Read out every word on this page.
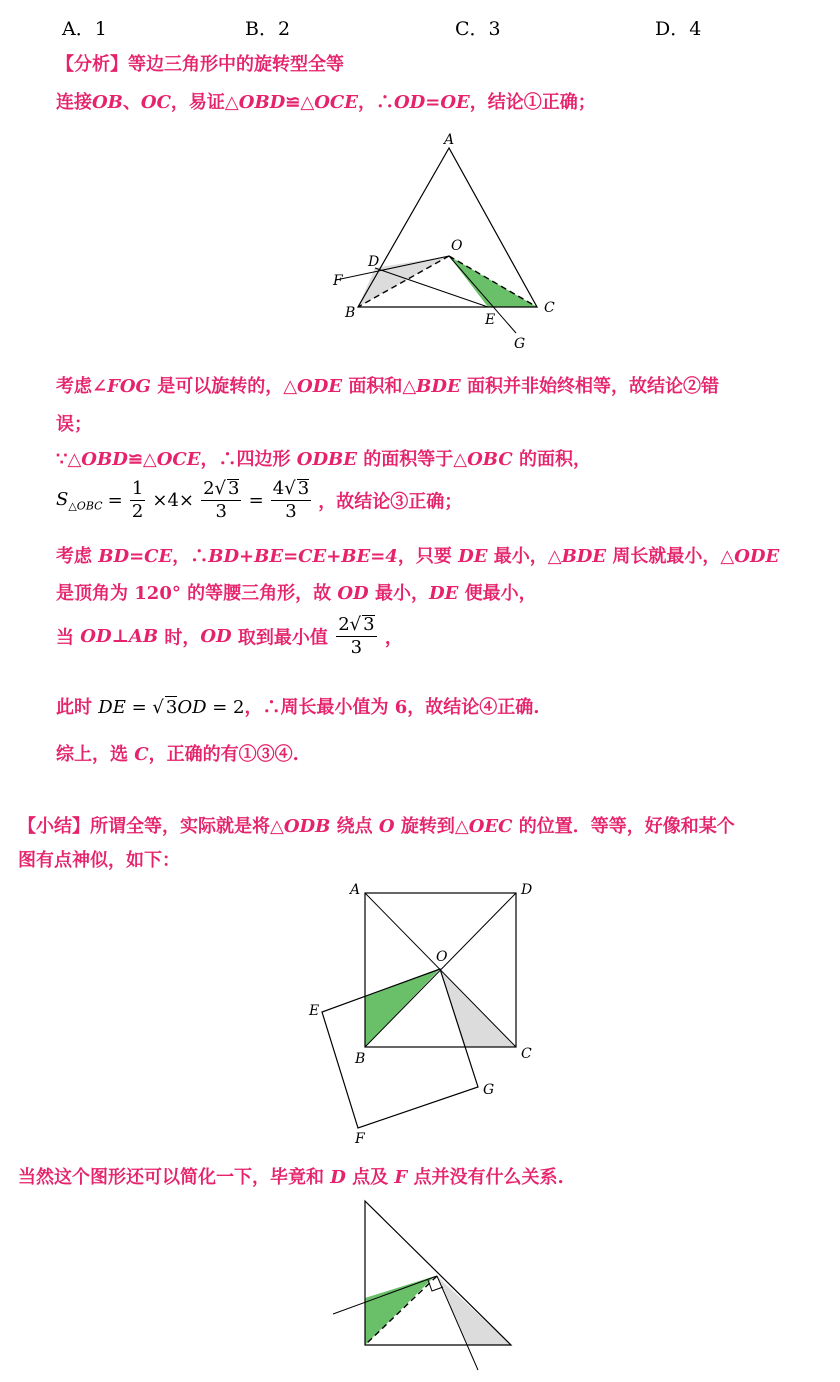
A．1	B．2	C．3	D．4
【分析】等边三角形中的旋转型全等
连接OB、OC，易证△OBD≌△OCE，∴OD=OE，结论①正确；
A
O
D
F
B	E
C
G
考虑∠FOG 是可以旋转的，△ODE 面积和△BDE 面积并非始终相等，故结论②错
误；
∵△OBD≌△OCE，∴四边形 ODBE 的面积等于△OBC 的面积，
$S_{\triangle OBC} = \frac{1}{2} \times 4\times \frac{2√ 3}{3} = \frac{4√ 3}{3}$ ，故结论③正确；
考虑 BD=CE，∴BD+BE=CE+BE=4，只要 DE 最小，△BDE 周长就最小，△ODE
是顶角为 120° 的等腰三角形，故 OD 最小，DE 便最小，
当 OD⊥AB 时，OD 取到最小值 $\frac{2√ 3}{3}$ ，
此时 DE = √ 3OD = 2，∴周长最小值为 6，故结论④正确.
综上，选 C，正确的有①③④.
【小结】所谓全等，实际就是将△ODB 绕点 O 旋转到△OEC 的位置．等等，好像和某个
图有点神似，如下：
A	D
O
E
B	C
G
F
当然这个图形还可以简化一下，毕竟和 D 点及 F 点并没有什么关系.
